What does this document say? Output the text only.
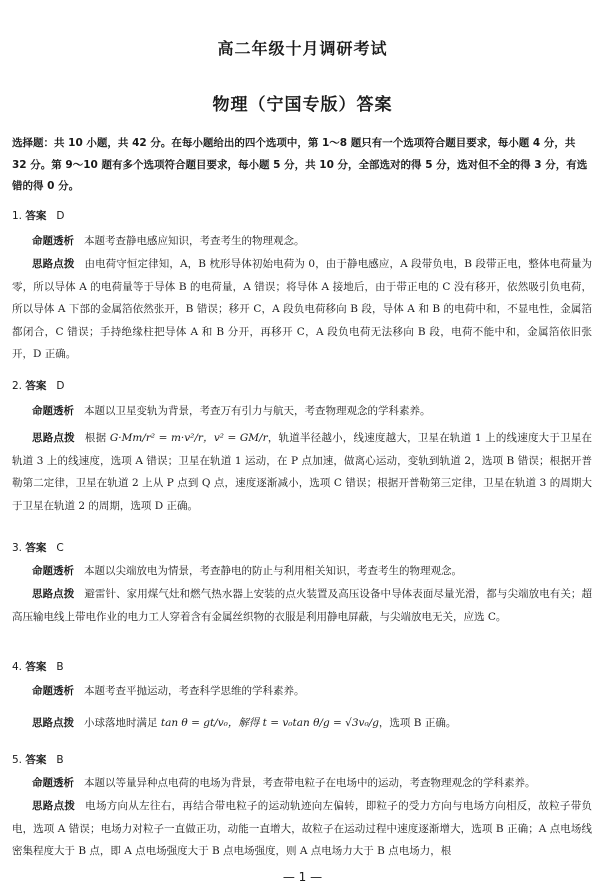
高二年级十月调研考试
物理（宁国专版）答案
选择题：共 10 小题，共 42 分。在每小题给出的四个选项中，第 1～8 题只有一个选项符合题目要求，每小题 4 分，共 32 分。第 9～10 题有多个选项符合题目要求，每小题 5 分，共 10 分，全部选对的得 5 分，选对但不全的得 3 分，有选错的得 0 分。
1. 答案 D
命题透析 本题考查静电感应知识，考查考生的物理观念。
思路点拨 由电荷守恒定律知，A，B 枕形导体初始电荷为 0，由于静电感应，A 段带负电，B 段带正电，整体电荷量为零，所以导体 A 的电荷量等于导体 B 的电荷量，A 错误；将导体 A 接地后，由于带正电的 C 没有移开，依然吸引负电荷，所以导体 A 下部的金属箔依然张开，B 错误；移开 C，A 段负电荷移向 B 段，导体 A 和 B 的电荷中和，不显电性，金属箔都闭合，C 错误；手持绝缘柱把导体 A 和 B 分开，再移开 C，A 段负电荷无法移向 B 段，电荷不能中和，金属箔依旧张开，D 正确。
2. 答案 D
命题透析 本题以卫星变轨为背景，考查万有引力与航天，考查物理观念的学科素养。
思路点拨 根据 G·Mm/r² = m·v²/r，v² = GM/r，轨道半径越小，线速度越大，卫星在轨道 1 上的线速度大于卫星在轨道 3 上的线速度，选项 A 错误；卫星在轨道 1 运动，在 P 点加速，做离心运动，变轨到轨道 2，选项 B 错误；根据开普勒第二定律，卫星在轨道 2 上从 P 点到 Q 点，速度逐渐减小，选项 C 错误；根据开普勒第三定律，卫星在轨道 3 的周期大于卫星在轨道 2 的周期，选项 D 正确。
3. 答案 C
命题透析 本题以尖端放电为情景，考查静电的防止与利用相关知识，考查考生的物理观念。
思路点拨 避雷针、家用煤气灶和燃气热水器上安装的点火装置及高压设备中导体表面尽量光滑，都与尖端放电有关；超高压输电线上带电作业的电力工人穿着含有金属丝织物的衣服是利用静电屏蔽，与尖端放电无关，应选 C。
4. 答案 B
命题透析 本题考查平抛运动，考查科学思维的学科素养。
思路点拨 小球落地时满足 tan θ = gt/v₀，解得 t = v₀tan θ/g = √3v₀/g，选项 B 正确。
5. 答案 B
命题透析 本题以等量异种点电荷的电场为背景，考查带电粒子在电场中的运动，考查物理观念的学科素养。
思路点拨 电场方向从左往右，再结合带电粒子的运动轨迹向左偏转，即粒子的受力方向与电场方向相反，故粒子带负电，选项 A 错误；电场力对粒子一直做正功，动能一直增大，故粒子在运动过程中速度逐渐增大，选项 B 正确；A 点电场线密集程度大于 B 点，即 A 点电场强度大于 B 点电场强度，则 A 点电场力大于 B 点电场力，根
— 1 —
